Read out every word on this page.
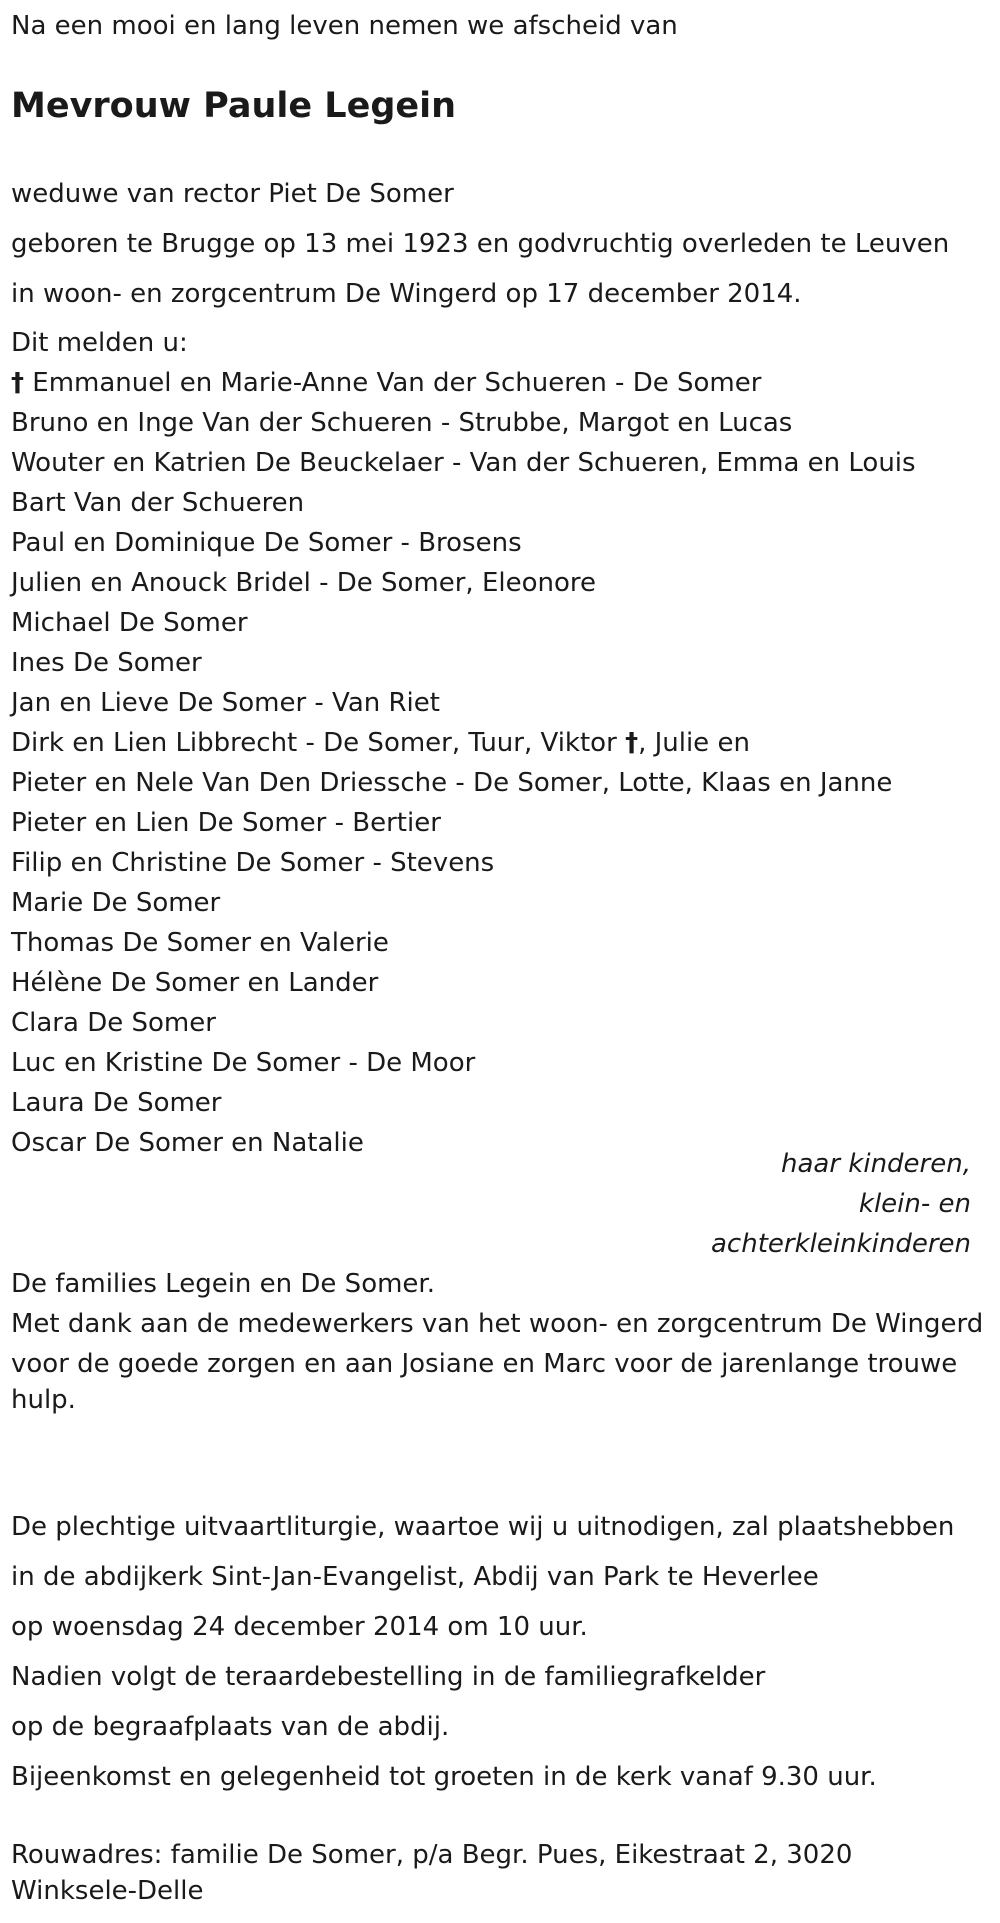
Na een mooi en lang leven nemen we afscheid van

Mevrouw Paule Legein

weduwe van rector Piet De Somer

geboren te Brugge op 13 mei 1923 en godvruchtig overleden te Leuven

in woon- en zorgcentrum De Wingerd op 17 december 2014.

Dit melden u:

† Emmanuel en Marie-Anne Van der Schueren - De Somer

Bruno en Inge Van der Schueren - Strubbe, Margot en Lucas

Wouter en Katrien De Beuckelaer - Van der Schueren, Emma en Louis

Bart Van der Schueren

Paul en Dominique De Somer - Brosens

Julien en Anouck Bridel - De Somer, Eleonore

Michael De Somer

Ines De Somer

Jan en Lieve De Somer - Van Riet

Dirk en Lien Libbrecht - De Somer, Tuur, Viktor †, Julie en

Pieter en Nele Van Den Driessche - De Somer, Lotte, Klaas en Janne

Pieter en Lien De Somer - Bertier

Filip en Christine De Somer - Stevens

Marie De Somer

Thomas De Somer en Valerie

Hélène De Somer en Lander

Clara De Somer

Luc en Kristine De Somer - De Moor

Laura De Somer

Oscar De Somer en Natalie

haar kinderen,

klein- en

achterkleinkinderen

De families Legein en De Somer.

Met dank aan de medewerkers van het woon- en zorgcentrum De Wingerd

voor de goede zorgen en aan Josiane en Marc voor de jarenlange trouwe hulp.

De plechtige uitvaartliturgie, waartoe wij u uitnodigen, zal plaatshebben

in de abdijkerk Sint-Jan-Evangelist, Abdij van Park te Heverlee

op woensdag 24 december 2014 om 10 uur.

Nadien volgt de teraardebestelling in de familiegrafkelder

op de begraafplaats van de abdij.

Bijeenkomst en gelegenheid tot groeten in de kerk vanaf 9.30 uur.

Rouwadres: familie De Somer, p/a Begr. Pues, Eikestraat 2, 3020 Winksele-Delle
